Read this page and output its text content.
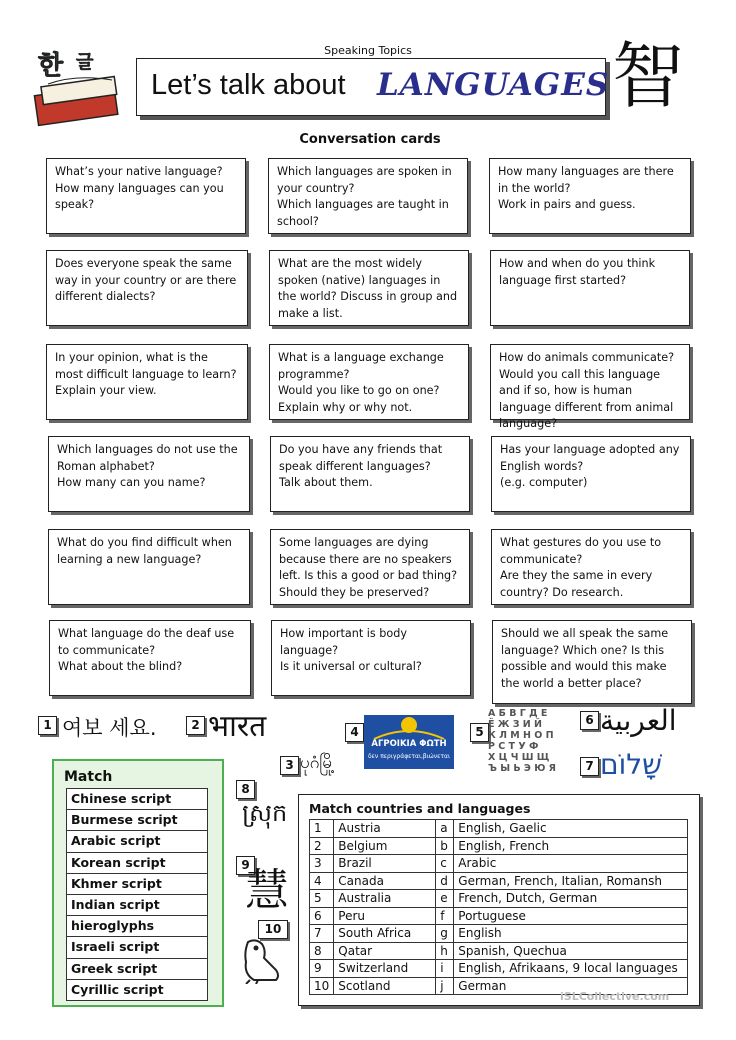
한 글
Speaking Topics
Let’s talk about LANGUAGES 智
Conversation cards
What’s your native language?
How many languages can you speak?
Which languages are spoken in your country?
Which languages are taught in school?
How many languages are there in the world?
Work in pairs and guess.
Does everyone speak the same way in your country or are there different dialects?
What are the most widely spoken (native) languages in the world? Discuss in group and make a list.
How and when do you think language first started?
In your opinion, what is the most difficult language to learn?
Explain your view.
What is a language exchange programme?
Would you like to go on one?
Explain why or why not.
How do animals communicate?
Would you call this language and if so, how is human language different from animal language?
Which languages do not use the Roman alphabet?
How many can you name?
Do you have any friends that speak different languages?
Talk about them.
Has your language adopted any English words?
(e.g. computer)
What do you find difficult when learning a new language?
Some languages are dying because there are no speakers left. Is this a good or bad thing? Should they be preserved?
What gestures do you use to communicate?
Are they the same in every country? Do research.
What language do the deaf use to communicate?
What about the blind?
How important is body language?
Is it universal or cultural?
Should we all speak the same language? Which one? Is this possible and would this make the world a better place?
1 여보 세요.	2 भारत
3 ပုဂံမြို့
4
ΑΓΡΟΙΚΙΑ ΦΩΤΗ
δεν περιγράφεται,βιώνεται
5
А Б В Г Д Е
Ё Ж З И Й
К Л М Н О П
Р С Т У Ф
Х Ц Ч Ш Щ
Ъ Ы Ь Э Ю Я
6 العربية
7 שָׁלוֹם
8
ស្រុក
9
慧
10
Match
Chinese script
Burmese script
Arabic script
Korean script
Khmer script
Indian script
hieroglyphs
Israeli script
Greek script
Cyrillic script
Match countries and languages
1	Austria	a	English, Gaelic
2	Belgium	b	English, French
3	Brazil	c	Arabic
4	Canada	d	German, French, Italian, Romansh
5	Australia	e	French, Dutch, German
6	Peru	f	Portuguese
7	South Africa	g	English
8	Qatar	h	Spanish, Quechua
9	Switzerland	i	English, Afrikaans, 9 local languages
10	Scotland	j	German
iSLCollective.com
